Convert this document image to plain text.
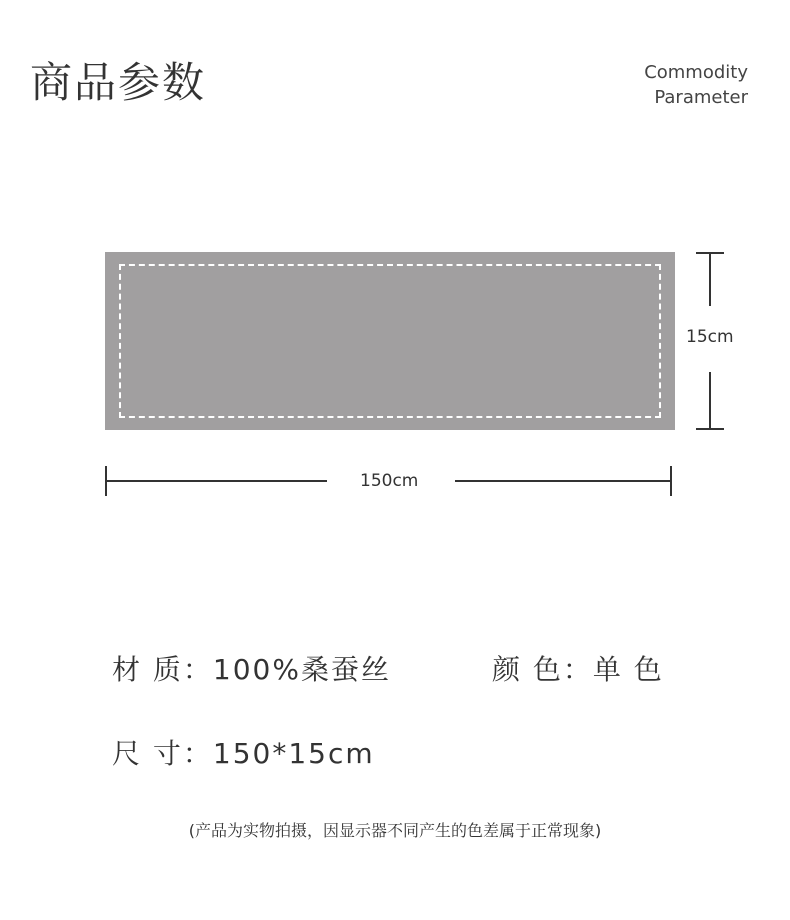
商品参数	Commodity
Parameter
15cm
150cm
材 质：100%桑蚕丝	颜 色：单 色
尺 寸：150*15cm
(产品为实物拍摄，因显示器不同产生的色差属于正常现象)
